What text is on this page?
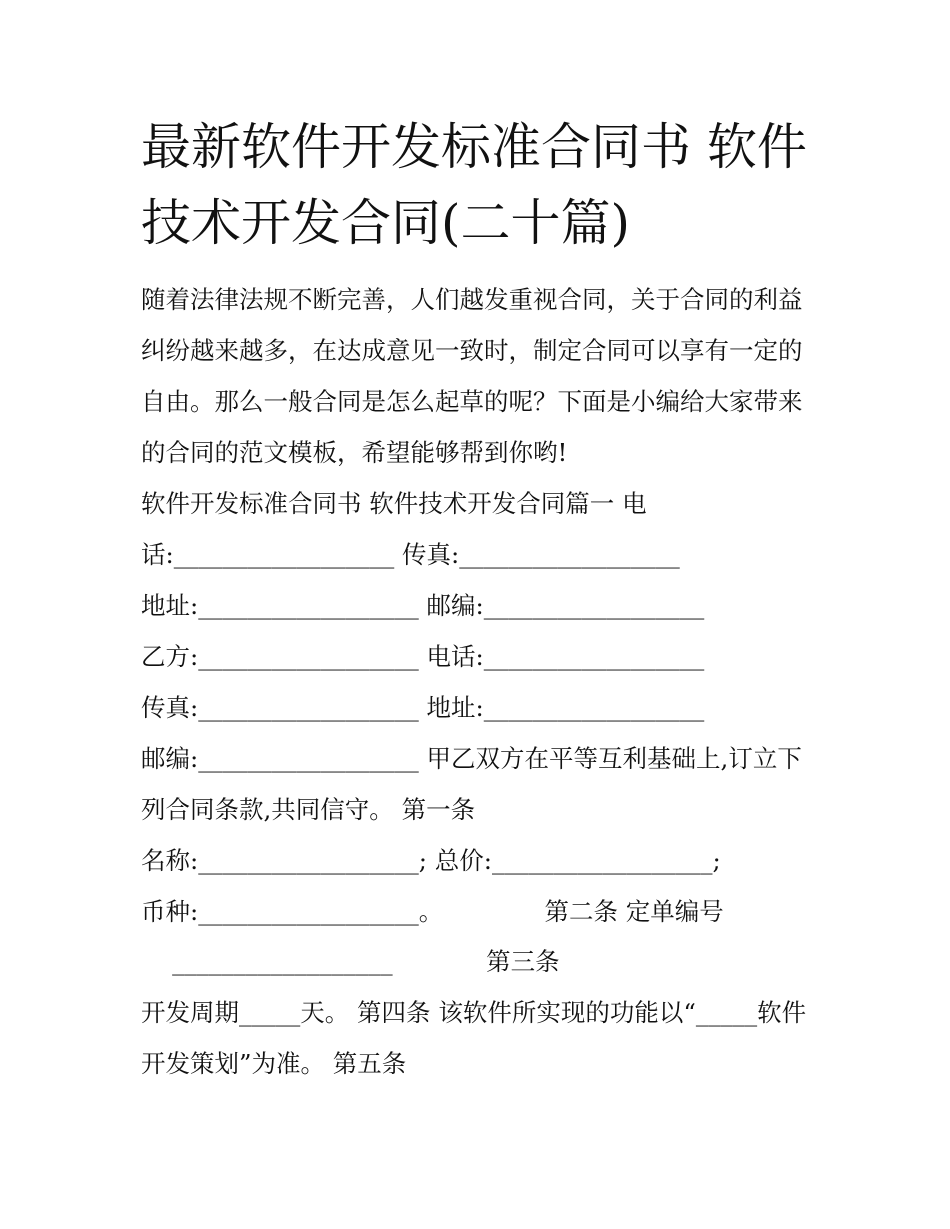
最新软件开发标准合同书 软件
技术开发合同(二十篇)
随着法律法规不断完善，人们越发重视合同，关于合同的利益
纠纷越来越多，在达成意见一致时，制定合同可以享有一定的
自由。那么一般合同是怎么起草的呢？下面是小编给大家带来
的合同的范文模板，希望能够帮到你哟!
软件开发标准合同书 软件技术开发合同篇一 电
话:__________________ 传真:__________________
地址:__________________ 邮编:__________________
乙方:__________________ 电话:__________________
传真:__________________ 地址:__________________
邮编:__________________ 甲乙双方在平等互利基础上,订立下
列合同条款,共同信守。 第一条
名称:__________________; 总价:__________________;
币种:__________________。             第二条 定单编号
__________________            第三条
开发周期_____天。 第四条 该软件所实现的功能以“_____软件
开发策划”为准。 第五条
